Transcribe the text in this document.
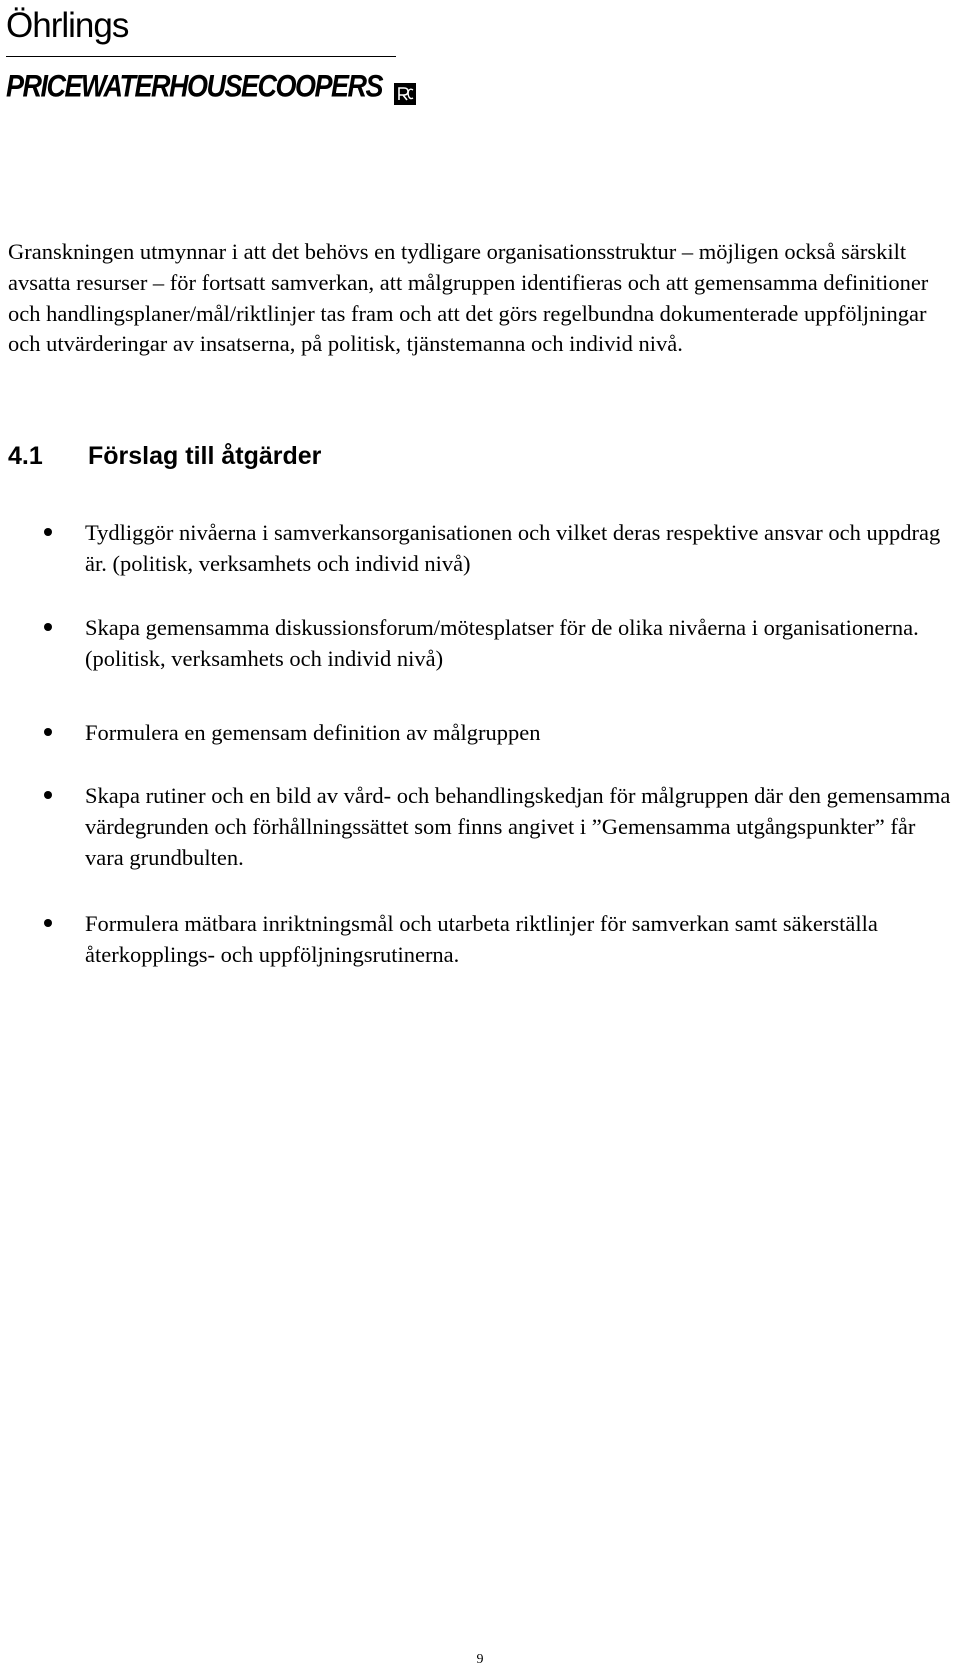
Öhrlings
PRICEWATERHOUSECOOPERS

Granskningen utmynnar i att det behövs en tydligare organisationsstruktur – möjligen också särskilt avsatta resurser – för fortsatt samverkan, att målgruppen identifieras och att gemensamma definitioner och handlingsplaner/mål/riktlinjer tas fram och att det görs regelbundna dokumenterade uppföljningar och utvärderingar av insatserna, på politisk, tjänstemanna och individ nivå.

4.1 Förslag till åtgärder
Tydliggör nivåerna i samverkansorganisationen och vilket deras respektive ansvar och uppdrag är. (politisk, verksamhets och individ nivå)
Skapa gemensamma diskussionsforum/mötesplatser för de olika nivåerna i organisationerna. (politisk, verksamhets och individ nivå)
Formulera en gemensam definition av målgruppen
Skapa rutiner och en bild av vård- och behandlingskedjan för målgruppen där den gemensamma värdegrunden och förhållningssättet som finns angivet i ”Gemensamma utgångspunkter” får vara grundbulten.
Formulera mätbara inriktningsmål och utarbeta riktlinjer för samverkan samt säkerställa återkopplings- och uppföljningsrutinerna.
9
